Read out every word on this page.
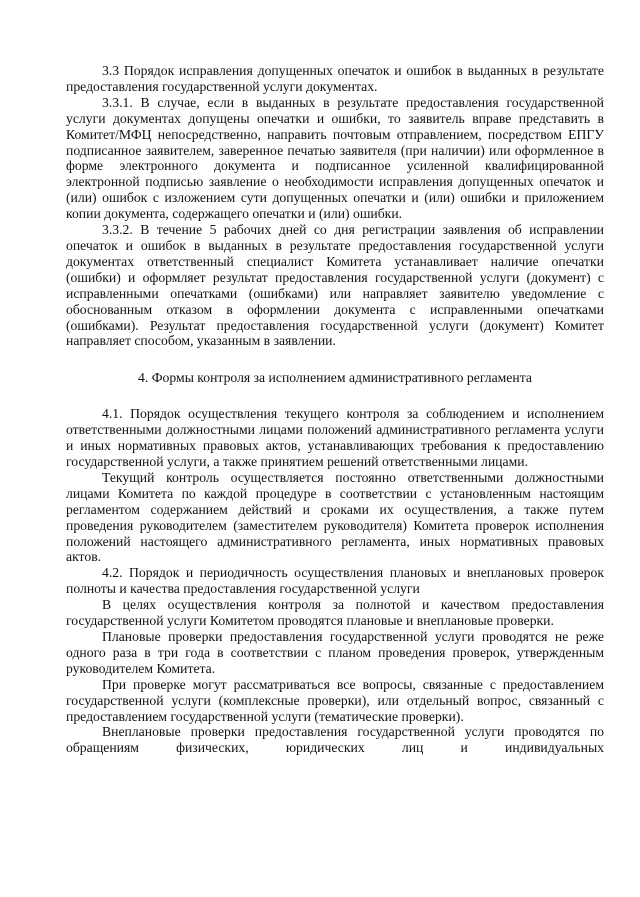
3.3 Порядок исправления допущенных опечаток и ошибок в выданных в результате предоставления государственной услуги документах.

3.3.1. В случае, если в выданных в результате предоставления государственной услуги документах допущены опечатки и ошибки, то заявитель вправе представить в Комитет/МФЦ непосредственно, направить почтовым отправлением, посредством ЕПГУ подписанное заявителем, заверенное печатью заявителя (при наличии) или оформленное в форме электронного документа и подписанное усиленной квалифицированной электронной подписью заявление о необходимости исправления допущенных опечаток и (или) ошибок с изложением сути допущенных опечатки и (или) ошибки и приложением копии документа, содержащего опечатки и (или) ошибки.

3.3.2. В течение 5 рабочих дней со дня регистрации заявления об исправлении опечаток и ошибок в выданных в результате предоставления государственной услуги документах ответственный специалист Комитета устанавливает наличие опечатки (ошибки) и оформляет результат предоставления государственной услуги (документ) с исправленными опечатками (ошибками) или направляет заявителю уведомление с обоснованным отказом в оформлении документа с исправленными опечатками (ошибками). Результат предоставления государственной услуги (документ) Комитет направляет способом, указанным в заявлении.

4. Формы контроля за исполнением административного регламента

4.1. Порядок осуществления текущего контроля за соблюдением и исполнением ответственными должностными лицами положений административного регламента услуги и иных нормативных правовых актов, устанавливающих требования к предоставлению государственной услуги, а также принятием решений ответственными лицами.

Текущий контроль осуществляется постоянно ответственными должностными лицами Комитета по каждой процедуре в соответствии с установленным настоящим регламентом содержанием действий и сроками их осуществления, а также путем проведения руководителем (заместителем руководителя) Комитета проверок исполнения положений настоящего административного регламента, иных нормативных правовых актов.

4.2. Порядок и периодичность осуществления плановых и внеплановых проверок полноты и качества предоставления государственной услуги

В целях осуществления контроля за полнотой и качеством предоставления государственной услуги Комитетом проводятся плановые и внеплановые проверки.

Плановые проверки предоставления государственной услуги проводятся не реже одного раза в три года в соответствии с планом проведения проверок, утвержденным руководителем Комитета.

При проверке могут рассматриваться все вопросы, связанные с предоставлением государственной услуги (комплексные проверки), или отдельный вопрос, связанный с предоставлением государственной услуги (тематические проверки).

Внеплановые проверки предоставления государственной услуги проводятся по обращениям физических, юридических лиц и индивидуальных
